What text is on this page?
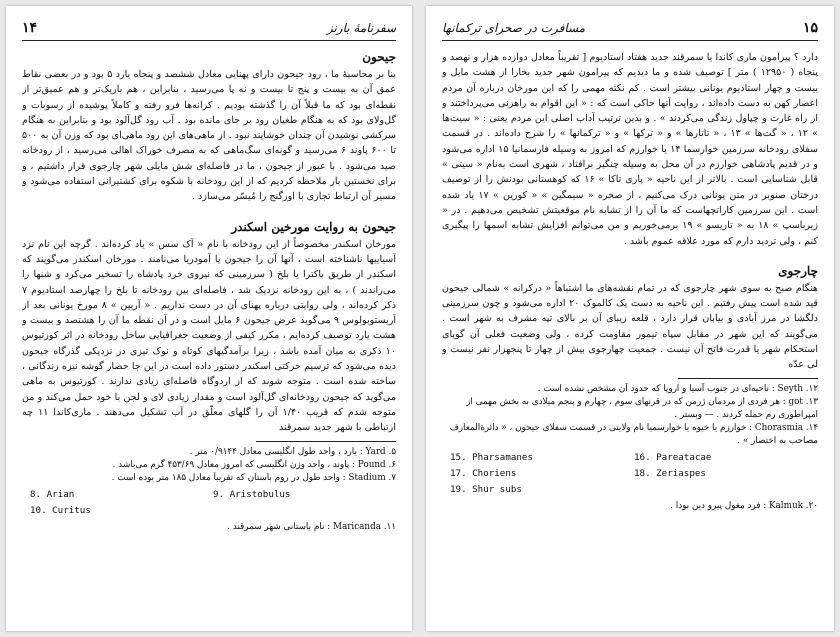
سفرنامهٔ بارنز
۱۴
جیحون

بنا بر محاسبهٔ ما ، رود جیحون دارای پهنایی معادل ششصد و پنجاه یارد ۵ بود و در بعضی نقاط عمق آن به بیست و پنج تا بیست و نه پا می‌رسید ، بنابراین ، هم باریک‌تر و هم عمیق‌تر از نقطه‌ای بود که ما قبلاً آن را گذشته بودیم . کرانه‌ها فرو رفته و کاملاً پوشیده از رسوبات و گل‌ولای بود که به هنگام طغیان رود بر جای مانده بود . آب رود گل‌آلود بود و بنابراین به هنگام سرکشی نوشیدن آن چندان خوشایند نبود . از ماهی‌های این رود ماهی‌ای بود که وزن آن به ۵۰۰ تا ۶۰۰ پاوند ۶ می‌رسید و گونه‌ای سگ‌ماهی که به مصرف خوراک اهالی می‌رسید ، از رودخانه صید می‌شود . با عبور از جیحون ، ما در فاصله‌ای شش مایلی شهر چارجوی قرار داشتیم ، و برای نخستین بار ملاحظه کردیم که از این رودخانه با شکوه برای کشتیرانی استفاده می‌شود و مسیر آن ارتباط تجاری با اورگنج را مُیسّر می‌سازد .

جیحون به روایت مورخین اسکندر

مورخان اسکندر مخصوصاً از این رودخانه با نام « آک سس » یاد کرده‌اند . گرچه این نام نزد آسیاییها ناشناخته است ، آنها آن را جیحون یا آمودریا می‌نامند . مورخان اسکندر می‌گویند که اسکندر از طریق باکترا یا بلخ ( سرزمینی که نیروی خرد پادشاه را تسخیر می‌کرد و شنها را می‌راندند ) ، به این رودخانه نزدیک شد ، فاصله‌ای بین رودخانه تا بلخ را چهارصد استادیوم ۷ ذکر کرده‌اند ، ولی روایتی درباره پهنای آن در دست نداریم . « آریین » ۸ مورخ یونانی بعد از آریستوبولوس ۹ می‌گوید عرض جیحون ۶ مایل است و در آن نقطه ما آن را هشتصد و بیست و هشت یارد توصیف کرده‌ایم ، مکرر کیفی از وضعیت جغرافیایی ساحل رودخانه در اثر کورتیوس ۱۰ ذکری به میان آمده باشد ، زیرا برآمدگیهای کوتاه و نوک تیزی در نزدیکی گذرگاه جیحون دیده می‌شود که ترسیم حرکتی اسکندر دستور داده است در این جا حصار گوشه نیزه زندگانی ، ساخته شده است . متوجه شوند که از اردوگاه فاصله‌ای زیادی ندارند . کورتیوس به ماهی می‌گوید که جیحون رودخانه‌ای گل‌آلود است و مقدار زیادی لای و لجن با خود حمل می‌کند و من متوجه شدم که قریب ۱/۴۰ آن را گلهای معلّق در آب تشکیل می‌دهند . ماری‌کاندا ۱۱ چه ارتباطی با شهر جدید سمرقند

Yard .۵ : یارد ، واحد طول انگلیسی معادل ۰/۹۱۴۴ متر .

Pound .۶ : پاوند ، واحد وزن انگلیسی که امروز معادل ۴۵۳/۶۹ گرم می‌باشد .

Stadium .۷ : واحد طول در روم باستان که تقریباً معادل ۱۸۵ متر بوده است .

8. Arian	9. Aristobulus
10. Curitus

Maricanda .۱۱ : نام باستانی شهر سمرقند .

۱۵
مسافرت در صحرای ترکمانها

دارد ؟ پیرامون ماری کاندا یا سمرقند جدید هفتاد استادیوم [ تقریباً معادل دوازده هزار و نهصد و پنجاه ( ۱۲۹۵۰ ) متر ] توصیف شده و ما دیدیم که پیرامون شهر جدید بخارا از هشت مایل و بیست و چهار استادیوم یونانی بیشتر است . کم نکته مهمی را که این مورخان درباره آن مردم اعصار کهن به دست داده‌اند ، روایت آنها حاکی است که : « این اقوام به راهزنی می‌پرداختند و از راه غارت و چپاول زندگی می‌کردند » . و بدین ترتیب آداب اصلی این مردم یعنی : « سیت‌ها » ۱۲ ، « گت‌ها » ۱۳ ، « تاتارها » و « ترکها » و « ترکمانها » را شرح داده‌اند . در قسمت سفلای رودخانه سرزمین خوارسما ۱۴ یا خوارزم که امروز به وسیله فارسمانیا ۱۵ اداره می‌شود و در قدیم پادشاهی خوارزم در آن محل به وسیله چنگیز برافتاد ، شهری است به‌نام « سیتی » قابل شناسایی است . بالاتر از این ناحیه « پاری تاکا » ۱۶ که کوهستانی بودنش را از توصیف درختان صنوبر در متن یونانی درک می‌کنیم ، از صخره « سیمگین » « کورین » ۱۷ یاد شده است . این سرزمین کاراتچهاست که ما آن را از تشابه نام موقعیتش تشخیص می‌دهیم . در « زیرباسپ » ۱۸ به « تاریسو » ۱۹ برمی‌خوریم و من می‌توانم افزایش تشابه اسمها را پیگیری کنم ، ولی تردید دارم که مورد علاقه عموم باشد .

چارجوی

هنگام صبح به سوی شهر چارجوی که در تمام نقشه‌های ما اشتباهاً « درکرانه » شمالی جیحون قید شده است پیش رفتیم . این ناحیه به دست یک کالموک ۲۰ اداره می‌شود و چون سرزمینی دلگشا در مرز آبادی و بیابان قرار دارد ، قلعه زیبای آن بر بالای تپه مشرف به شهر است . می‌گویند که این شهر در مقابل سپاه تیمور مقاومت کرده ، ولی وضعیت فعلی آن گویای استحکام شهر یا قدرت فاتح آن نیست . جمعیت چهارجوی بیش از چهار تا پنجهزار نفر نیست و لی عدّه

Seyth .۱۲ : ناحیه‌ای در جنوب آسیا و اروپا که حدود آن مشخص نشده است .

got .۱۳ : هر فردی از مردمان ژرمن که در قرنهای سوم ، چهارم و پنجم میلادی به بخش مهمی از امپراطوری رم حمله کردند . — وبستر .

Chorasmia .۱۴ : خوارزم یا خیوه یا خوارسمیا نام ولایتی در قسمت سفلای جیحون ، « دائرة‌المعارف مصاحب به اختصار » .

15. Pharsamanes	16. Pareatacae
17. Choriens	18. Zeriaspes
19. Shur subs

Kalmuk .۲۰ : فرد مغول پیرو دین بودا .
